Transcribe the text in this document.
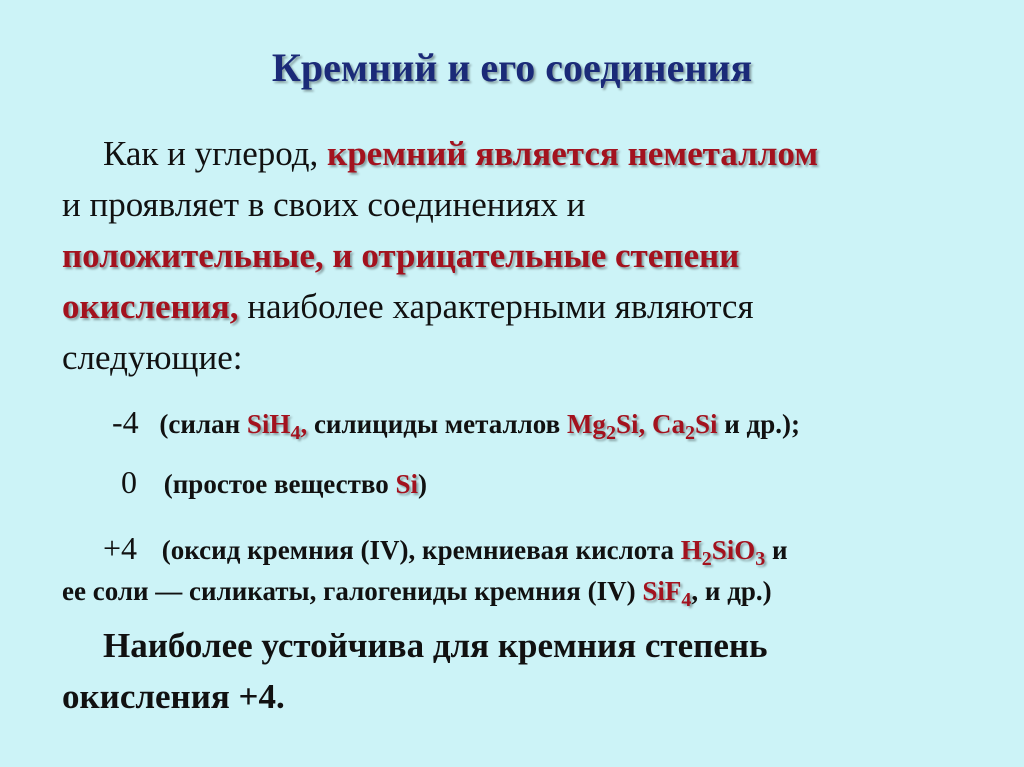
Кремний и его соединения
Как и углерод, кремний является неметаллом
и проявляет в своих соединениях и
положительные, и отрицательные степени
окисления, наиболее характерными являются
следующие:
-4 (силан SiH$_4$, силициды металлов $Mg_2Si$, $Ca_2Si$ и др.);
0 (простое вещество Si)
+4 (оксид кремния (IV), кремниевая кислота $H_2SiO_3$ и
ее соли — силикаты, галогениды кремния (IV) SiF$_4$, и др.)
Наиболее устойчива для кремния степень
окисления +4.
